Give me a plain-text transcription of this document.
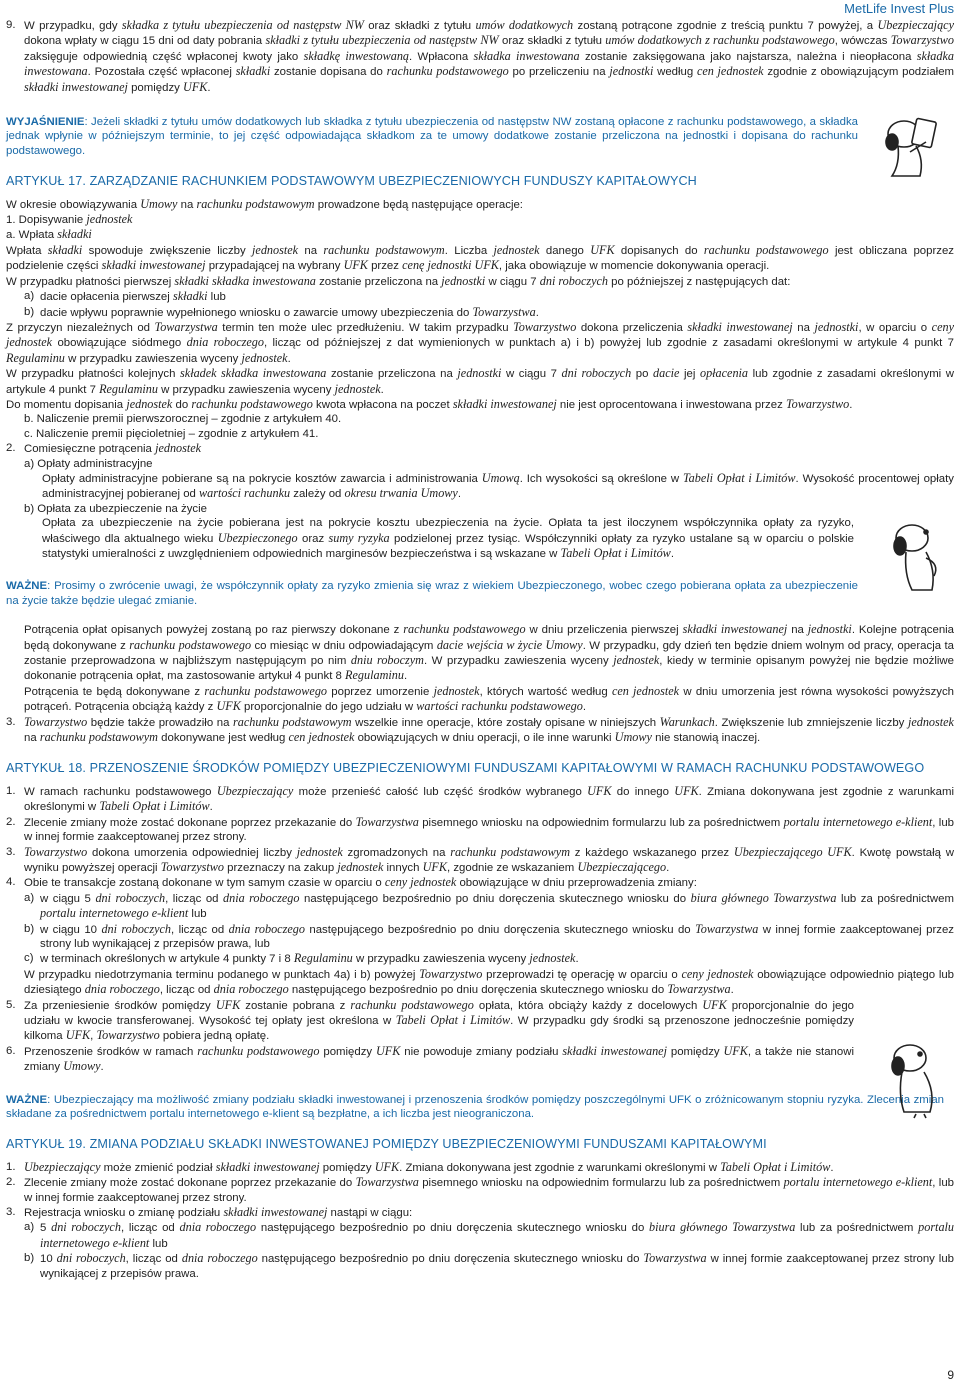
MetLife Invest Plus
9. W przypadku, gdy składka z tytułu ubezpieczenia od następstw NW oraz składki z tytułu umów dodatkowych zostaną potrącone zgodnie z treścią punktu 7 powyżej, a Ubezpieczający dokona wpłaty w ciągu 15 dni od daty pobrania składki z tytułu ubezpieczenia od następstw NW oraz składki z tytułu umów dodatkowych z rachunku podstawowego, wówczas Towarzystwo zaksięguje odpowiednią część wpłaconej kwoty jako składkę inwestowaną. Wpłacona składka inwestowana zostanie zaksięgowana jako najstarsza, należna i nieopłacona składka inwestowana. Pozostała część wpłaconej składki zostanie dopisana do rachunku podstawowego po przeliczeniu na jednostki według cen jednostek zgodnie z obowiązującym podziałem składki inwestowanej pomiędzy UFK.
WYJAŚNIENIE: Jeżeli składki z tytułu umów dodatkowych lub składka z tytułu ubezpieczenia od następstw NW zostaną opłacone z rachunku podstawowego, a składka jednak wpłynie w późniejszym terminie, to jej część odpowiadająca składkom za te umowy dodatkowe zostanie przeliczona na jednostki i dopisana do rachunku podstawowego.
ARTYKUŁ 17. ZARZĄDZANIE RACHUNKIEM PODSTAWOWYM UBEZPIECZENIOWYCH FUNDUSZY KAPITAŁOWYCH

W okresie obowiązywania Umowy na rachunku podstawowym prowadzone będą następujące operacje:

1. Dopisywanie jednostek

a. Wpłata składki

Wpłata składki spowoduje zwiększenie liczby jednostek na rachunku podstawowym. Liczba jednostek danego UFK dopisanych do rachunku podstawowego jest obliczana poprzez podzielenie części składki inwestowanej przypadającej na wybrany UFK przez cenę jednostki UFK, jaka obowiązuje w momencie dokonywania operacji.

W przypadku płatności pierwszej składki składka inwestowana zostanie przeliczona na jednostki w ciągu 7 dni roboczych po późniejszej z następujących dat:

a) dacie opłacenia pierwszej składki lub
b) dacie wpływu poprawnie wypełnionego wniosku o zawarcie umowy ubezpieczenia do Towarzystwa.

Z przyczyn niezależnych od Towarzystwa termin ten może ulec przedłużeniu. W takim przypadku Towarzystwo dokona przeliczenia składki inwestowanej na jednostki, w oparciu o ceny jednostek obowiązujące siódmego dnia roboczego, licząc od późniejszej z dat wymienionych w punktach a) i b) powyżej lub zgodnie z zasadami określonymi w artykule 4 punkt 7 Regulaminu w przypadku zawieszenia wyceny jednostek.

W przypadku płatności kolejnych składek składka inwestowana zostanie przeliczona na jednostki w ciągu 7 dni roboczych po dacie jej opłacenia lub zgodnie z zasadami określonymi w artykule 4 punkt 7 Regulaminu w przypadku zawieszenia wyceny jednostek.

Do momentu dopisania jednostek do rachunku podstawowego kwota wpłacona na poczet składki inwestowanej nie jest oprocentowana i inwestowana przez Towarzystwo.

b. Naliczenie premii pierwszorocznej – zgodnie z artykułem 40.

c. Naliczenie premii pięcioletniej – zgodnie z artykułem 41.

2. Comiesięczne potrącenia jednostek

a) Opłaty administracyjne

Opłaty administracyjne pobierane są na pokrycie kosztów zawarcia i administrowania Umową. Ich wysokości są określone w Tabeli Opłat i Limitów. Wysokość procentowej opłaty administracyjnej pobieranej od wartości rachunku zależy od okresu trwania Umowy.

b) Opłata za ubezpieczenie na życie

Opłata za ubezpieczenie na życie pobierana jest na pokrycie kosztu ubezpieczenia na życie. Opłata ta jest iloczynem współczynnika opłaty za ryzyko, właściwego dla aktualnego wieku Ubezpieczonego oraz sumy ryzyka podzielonej przez tysiąc. Współczynniki opłaty za ryzyko ustalane są w oparciu o polskie statystyki umieralności z uwzględnieniem odpowiednich marginesów bezpieczeństwa i są wskazane w Tabeli Opłat i Limitów.

WAŻNE: Prosimy o zwrócenie uwagi, że współczynnik opłaty za ryzyko zmienia się wraz z wiekiem Ubezpieczonego, wobec czego pobierana opłata za ubezpieczenie na życie także będzie ulegać zmianie.

Potrącenia opłat opisanych powyżej zostaną po raz pierwszy dokonane z rachunku podstawowego w dniu przeliczenia pierwszej składki inwestowanej na jednostki. Kolejne potrącenia będą dokonywane z rachunku podstawowego co miesiąc w dniu odpowiadającym dacie wejścia w życie Umowy. W przypadku, gdy dzień ten będzie dniem wolnym od pracy, operacja ta zostanie przeprowadzona w najbliższym następującym po nim dniu roboczym. W przypadku zawieszenia wyceny jednostek, kiedy w terminie opisanym powyżej nie będzie możliwe dokonanie potrącenia opłat, ma zastosowanie artykuł 4 punkt 8 Regulaminu.

Potrącenia te będą dokonywane z rachunku podstawowego poprzez umorzenie jednostek, których wartość według cen jednostek w dniu umorzenia jest równa wysokości powyższych potrąceń. Potrącenia obciążą każdy z UFK proporcjonalnie do jego udziału w wartości rachunku podstawowego.

3. Towarzystwo będzie także prowadziło na rachunku podstawowym wszelkie inne operacje, które zostały opisane w niniejszych Warunkach. Zwiększenie lub zmniejszenie liczby jednostek na rachunku podstawowym dokonywane jest według cen jednostek obowiązujących w dniu operacji, o ile inne warunki Umowy nie stanowią inaczej.
ARTYKUŁ 18. PRZENOSZENIE ŚRODKÓW POMIĘDZY UBEZPIECZENIOWYMI FUNDUSZAMI KAPITAŁOWYMI W RAMACH RACHUNKU PODSTAWOWEGO
1. W ramach rachunku podstawowego Ubezpieczający może przenieść całość lub część środków wybranego UFK do innego UFK. Zmiana dokonywana jest zgodnie z warunkami określonymi w Tabeli Opłat i Limitów.
2. Zlecenie zmiany może zostać dokonane poprzez przekazanie do Towarzystwa pisemnego wniosku na odpowiednim formularzu lub za pośrednictwem portalu internetowego e-klient, lub w innej formie zaakceptowanej przez strony.
3. Towarzystwo dokona umorzenia odpowiedniej liczby jednostek zgromadzonych na rachunku podstawowym z każdego wskazanego przez Ubezpieczającego UFK. Kwotę powstałą w wyniku powyższej operacji Towarzystwo przeznaczy na zakup jednostek innych UFK, zgodnie ze wskazaniem Ubezpieczającego.
4. Obie te transakcje zostaną dokonane w tym samym czasie w oparciu o ceny jednostek obowiązujące w dniu przeprowadzenia zmiany:
a) w ciągu 5 dni roboczych, licząc od dnia roboczego następującego bezpośrednio po dniu doręczenia skutecznego wniosku do biura głównego Towarzystwa lub za pośrednictwem portalu internetowego e-klient lub
b) w ciągu 10 dni roboczych, licząc od dnia roboczego następującego bezpośrednio po dniu doręczenia skutecznego wniosku do Towarzystwa w innej formie zaakceptowanej przez strony lub wynikającej z przepisów prawa, lub
c) w terminach określonych w artykule 4 punkty 7 i 8 Regulaminu w przypadku zawieszenia wyceny jednostek.

W przypadku niedotrzymania terminu podanego w punktach 4a) i b) powyżej Towarzystwo przeprowadzi tę operację w oparciu o ceny jednostek obowiązujące odpowiednio piątego lub dziesiątego dnia roboczego, licząc od dnia roboczego następującego bezpośrednio po dniu doręczenia skutecznego wniosku do Towarzystwa.

5. Za przeniesienie środków pomiędzy UFK zostanie pobrana z rachunku podstawowego opłata, która obciąży każdy z docelowych UFK proporcjonalnie do jego udziału w kwocie transferowanej. Wysokość tej opłaty jest określona w Tabeli Opłat i Limitów. W przypadku gdy środki są przenoszone jednocześnie pomiędzy kilkoma UFK, Towarzystwo pobiera jedną opłatę.
6. Przenoszenie środków w ramach rachunku podstawowego pomiędzy UFK nie powoduje zmiany podziału składki inwestowanej pomiędzy UFK, a także nie stanowi zmiany Umowy.
WAŻNE: Ubezpieczający ma możliwość zmiany podziału składki inwestowanej i przenoszenia środków pomiędzy poszczególnymi UFK o zróżnicowanym stopniu ryzyka. Zlecenia zmian składane za pośrednictwem portalu internetowego e-klient są bezpłatne, a ich liczba jest nieograniczona.
ARTYKUŁ 19. ZMIANA PODZIAŁU SKŁADKI INWESTOWANEJ POMIĘDZY UBEZPIECZENIOWYMI FUNDUSZAMI KAPITAŁOWYMI
1. Ubezpieczający może zmienić podział składki inwestowanej pomiędzy UFK. Zmiana dokonywana jest zgodnie z warunkami określonymi w Tabeli Opłat i Limitów.
2. Zlecenie zmiany może zostać dokonane poprzez przekazanie do Towarzystwa pisemnego wniosku na odpowiednim formularzu lub za pośrednictwem portalu internetowego e-klient, lub w innej formie zaakceptowanej przez strony.
3. Rejestracja wniosku o zmianę podziału składki inwestowanej nastąpi w ciągu:
a) 5 dni roboczych, licząc od dnia roboczego następującego bezpośrednio po dniu doręczenia skutecznego wniosku do biura głównego Towarzystwa lub za pośrednictwem portalu internetowego e-klient lub
b) 10 dni roboczych, licząc od dnia roboczego następującego bezpośrednio po dniu doręczenia skutecznego wniosku do Towarzystwa w innej formie zaakceptowanej przez strony lub wynikającej z przepisów prawa.
9
